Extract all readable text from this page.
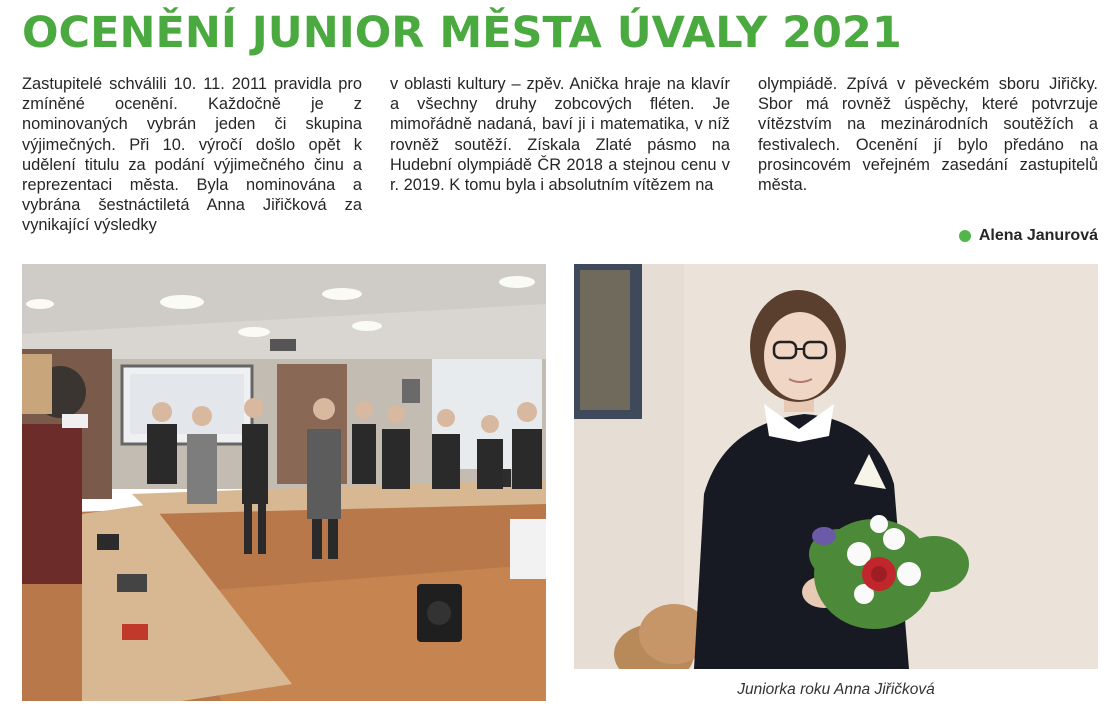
OCENĚNÍ JUNIOR MĚSTA ÚVALY 2021

Zastupitelé schválili 10. 11. 2011 pravidla pro zmíněné ocenění. Každočně je z nominovaných vybrán jeden či skupina výjimečných. Při 10. výročí došlo opět k udělení titulu za podání výjimečného činu a reprezentaci města. Byla nominována a vybrána šestnáctiletá Anna Jiřičková za vynikající výsledky

v oblasti kultury – zpěv. Anička hraje na klavír a všechny druhy zobcových fléten. Je mimořádně nadaná, baví ji i matematika, v níž rovněž soutěží. Získala Zlaté pásmo na Hudební olympiádě ČR 2018 a stejnou cenu v r. 2019. K tomu byla i absolutním vítězem na

olympiádě. Zpívá v pěveckém sboru Jiřičky. Sbor má rovněž úspěchy, které potvrzuje vítězstvím na mezinárodních soutěžích a festivalech. Ocenění jí bylo předáno na prosincovém veřejném zasedání zastupitelů města.

Alena Janurová
Juniorka roku Anna Jiřičková
